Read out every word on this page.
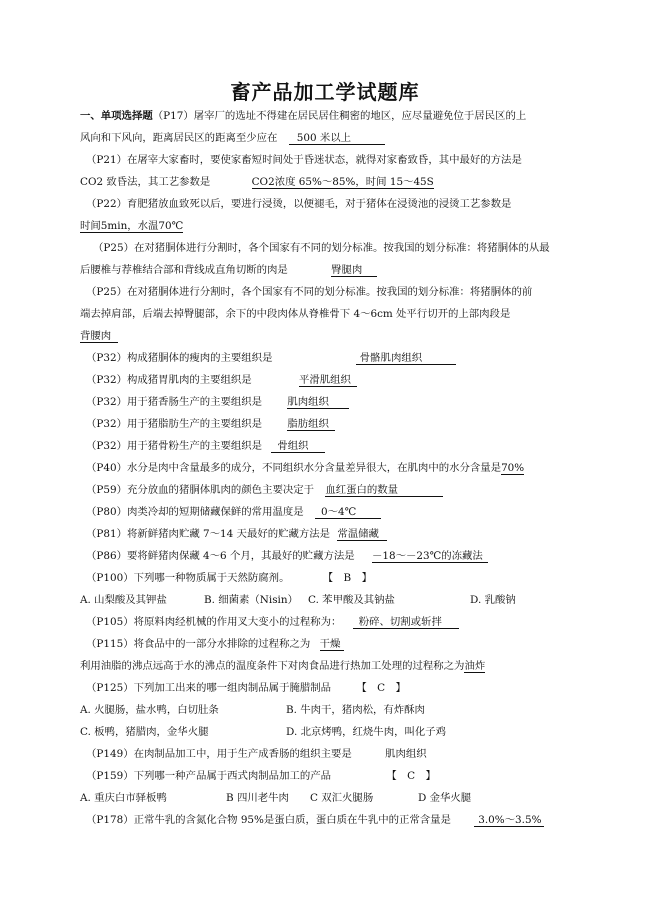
畜产品加工学试题库
一、单项选择题（P17）屠宰厂的选址不得建在居民居住稠密的地区，应尽量避免位于居民区的上
风向和下风向，距离居民区的距离至少应在 500 米以上
（P21）在屠宰大家畜时，要使家畜短时间处于昏迷状态，就得对家畜致昏，其中最好的方法是
CO2 致昏法，其工艺参数是	CO2浓度 65%～85%，时间 15～45S
（P22）育肥猪放血致死以后，要进行浸烫，以便褪毛，对于猪体在浸烫池的浸烫工艺参数是
时间5min，水温70℃
（P25）在对猪胴体进行分割时，各个国家有不同的划分标准。按我国的划分标准：将猪胴体的从最
后腰椎与荐椎结合部和背线成直角切断的肉是	臀腿肉
（P25）在对猪胴体进行分割时，各个国家有不同的划分标准。按我国的划分标准：将猪胴体的前
端去掉肩部，后端去掉臀腿部，余下的中段肉体从脊椎骨下 4～6cm 处平行切开的上部肉段是
背腰肉
（P32）构成猪胴体的瘦肉的主要组织是	骨骼肌肉组织
（P32）构成猪胃肌肉的主要组织是	平滑肌组织
（P32）用于猪香肠生产的主要组织是 肌肉组织
（P32）用于猪脂肪生产的主要组织是 脂肪组织
（P32）用于猪骨粉生产的主要组织是 骨组织
（P40）水分是肉中含量最多的成分，不同组织水分含量差异很大，在肌肉中的水分含量是70%
（P59）充分放血的猪胴体肌肉的颜色主要决定于 血红蛋白的数量
（P80）肉类冷却的短期储藏保鲜的常用温度是 0～4℃
（P81）将新鲜猪肉贮藏 7～14 天最好的贮藏方法是 常温储藏
（P86）要将鲜猪肉保藏 4～6 个月，其最好的贮藏方法是 －18～－23℃的冻藏法
（P100）下列哪一种物质属于天然防腐剂。	【　B　】
A. 山梨酸及其钾盐	B. 细菌素（Nisin） C. 苯甲酸及其钠盐	D. 乳酸钠
（P105）将原料肉经机械的作用叉大变小的过程称为： 粉碎、切割或斩拌
（P115）将食品中的一部分水排除的过程称之为 干燥
利用油脂的沸点远高于水的沸点的温度条件下对肉食品进行热加工处理的过程称之为油炸
（P125）下列加工出来的哪一组肉制品属于腌腊制品 【　C　】
A. 火腿肠，盐水鸭，白切肚条	B. 牛肉干，猪肉松，有炸酥肉
C. 板鸭，猪腊肉，金华火腿	D. 北京烤鸭，红烧牛肉，叫化子鸡
（P149）在肉制品加工中，用于生产成香肠的组织主要是	肌肉组织
（P159）下列哪一种产品属于西式肉制品加工的产品	【　C　】
A. 重庆白市驿板鸭	B 四川老牛肉 C 双汇火腿肠	D 金华火腿
（P178）正常牛乳的含氮化合物 95%是蛋白质，蛋白质在牛乳中的正常含量是	3.0%～3.5%
